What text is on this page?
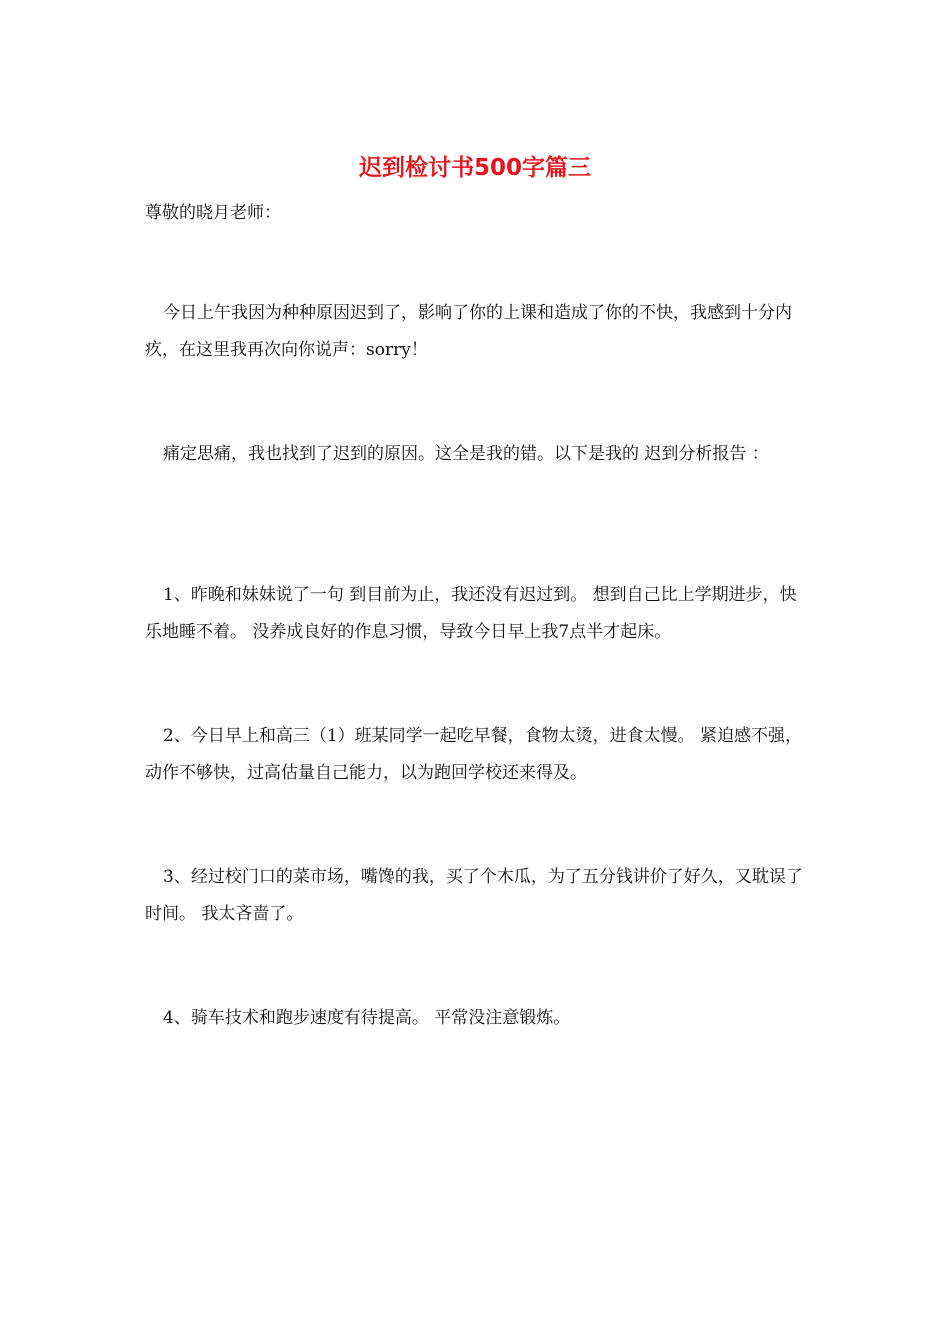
迟到检讨书500字篇三

尊敬的晓月老师：

今日上午我因为种种原因迟到了，影响了你的上课和造成了你的不快，我感到十分内疚，在这里我再次向你说声：sorry！

痛定思痛，我也找到了迟到的原因。这全是我的错。以下是我的 迟到分析报告 ：

1、昨晚和妹妹说了一句 到目前为止，我还没有迟过到。 想到自己比上学期进步，快乐地睡不着。 没养成良好的作息习惯，导致今日早上我7点半才起床。

2、今日早上和高三（1）班某同学一起吃早餐，食物太烫，进食太慢。 紧迫感不强，动作不够快，过高估量自己能力，以为跑回学校还来得及。

3、经过校门口的菜市场，嘴馋的我，买了个木瓜，为了五分钱讲价了好久，又耽误了时间。 我太吝啬了。

4、骑车技术和跑步速度有待提高。 平常没注意锻炼。
